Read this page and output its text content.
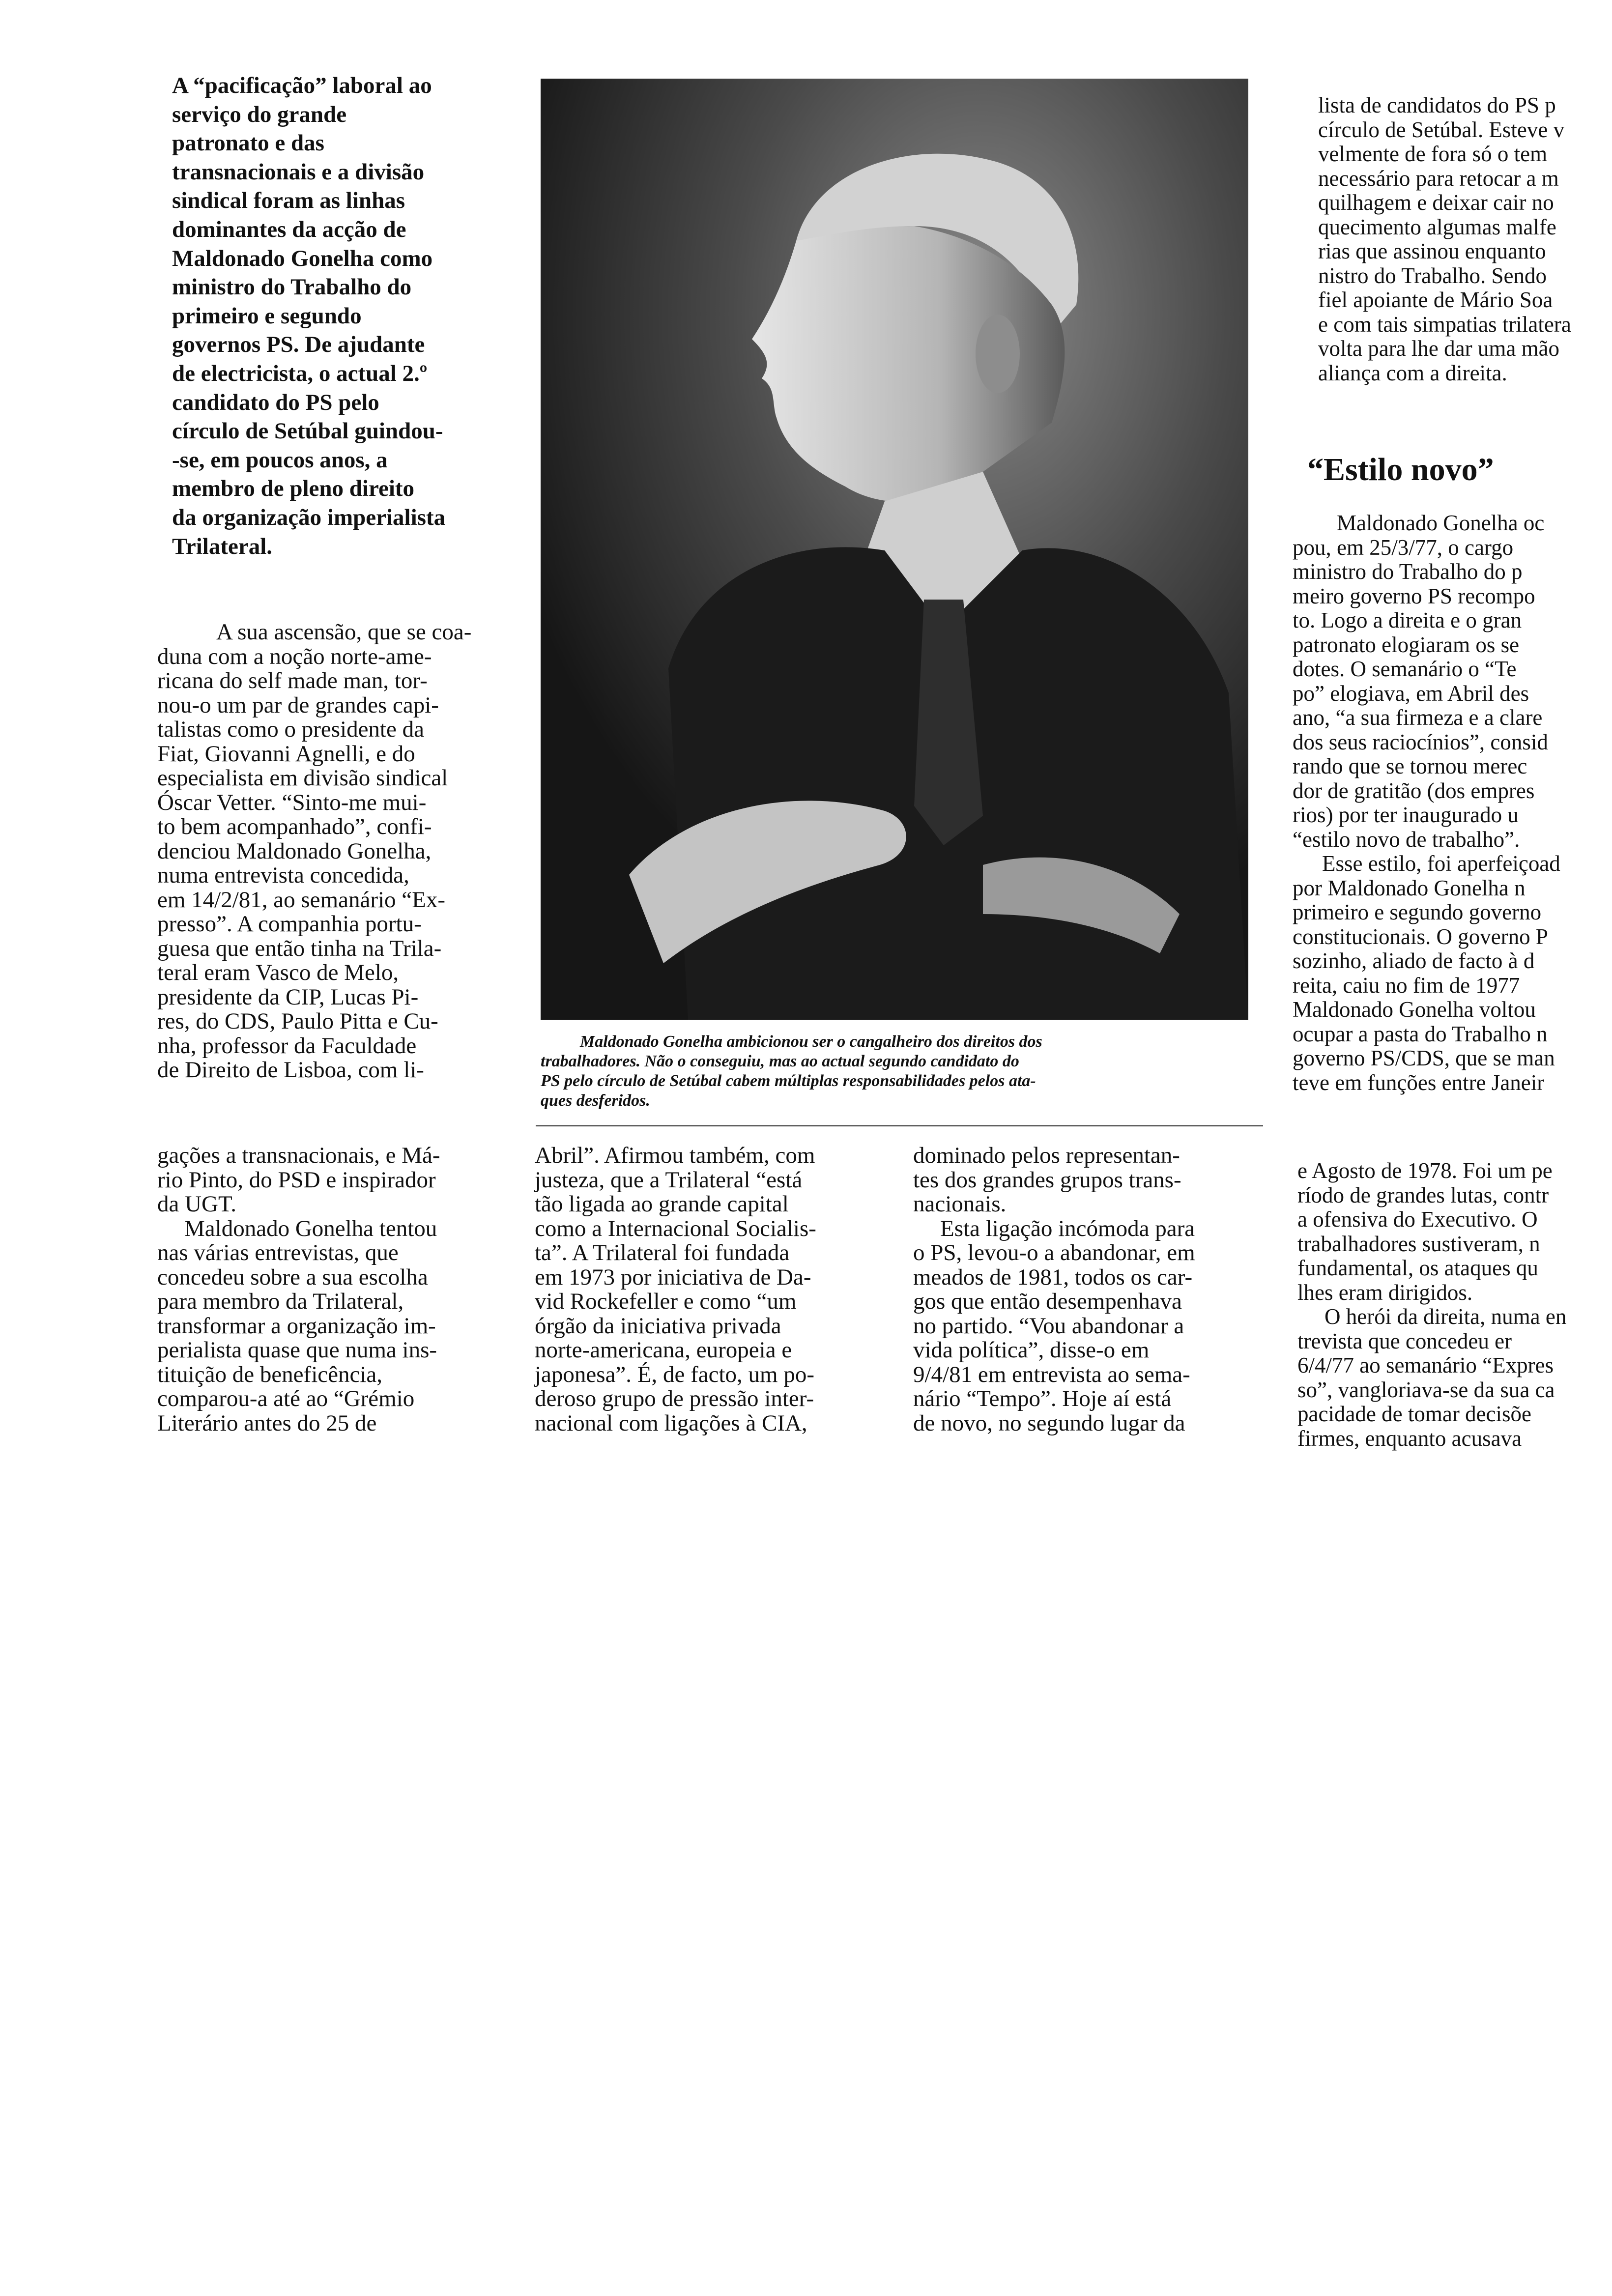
A “pacificação” laboral ao

serviço do grande

patronato e das

transnacionais e a divisão

sindical foram as linhas

dominantes da acção de

Maldonado Gonelha como

ministro do Trabalho do

primeiro e segundo

governos PS. De ajudante

de electricista, o actual 2.º

candidato do PS pelo

círculo de Setúbal guindou-

-se, em poucos anos, a

membro de pleno direito

da organização imperialista

Trilateral.

A sua ascensão, que se coa-

duna com a noção norte-ame-

ricana do self made man, tor-

nou-o um par de grandes capi-

talistas como o presidente da

Fiat, Giovanni Agnelli, e do

especialista em divisão sindical

Óscar Vetter. “Sinto-me mui-

to bem acompanhado”, confi-

denciou Maldonado Gonelha,

numa entrevista concedida,

em 14/2/81, ao semanário “Ex-

presso”. A companhia portu-

guesa que então tinha na Trila-

teral eram Vasco de Melo,

presidente da CIP, Lucas Pi-

res, do CDS, Paulo Pitta e Cu-

nha, professor da Faculdade

de Direito de Lisboa, com li-

gações a transnacionais, e Má-

rio Pinto, do PSD e inspirador

da UGT.

Maldonado Gonelha tentou

nas várias entrevistas, que

concedeu sobre a sua escolha

para membro da Trilateral,

transformar a organização im-

perialista quase que numa ins-

tituição de beneficência,

comparou-a até ao “Grémio

Literário antes do 25 de

Maldonado Gonelha ambicionou ser o cangalheiro dos direitos dos

trabalhadores. Não o conseguiu, mas ao actual segundo candidato do

PS pelo círculo de Setúbal cabem múltiplas responsabilidades pelos ata-

ques desferidos.

Abril”. Afirmou também, com

justeza, que a Trilateral “está

tão ligada ao grande capital

como a Internacional Socialis-

ta”. A Trilateral foi fundada

em 1973 por iniciativa de Da-

vid Rockefeller e como “um

órgão da iniciativa privada

norte-americana, europeia e

japonesa”. É, de facto, um po-

deroso grupo de pressão inter-

nacional com ligações à CIA,

dominado pelos representan-

tes dos grandes grupos trans-

nacionais.

Esta ligação incómoda para

o PS, levou-o a abandonar, em

meados de 1981, todos os car-

gos que então desempenhava

no partido. “Vou abandonar a

vida política”, disse-o em

9/4/81 em entrevista ao sema-

nário “Tempo”. Hoje aí está

de novo, no segundo lugar da

lista de candidatos do PS p

círculo de Setúbal. Esteve v

velmente de fora só o tem

necessário para retocar a m

quilhagem e deixar cair no

quecimento algumas malfe

rias que assinou enquanto

nistro do Trabalho. Sendo

fiel apoiante de Mário Soa

e com tais simpatias trilatera

volta para lhe dar uma mão

aliança com a direita.

“Estilo novo”

Maldonado Gonelha oc

pou, em 25/3/77, o cargo

ministro do Trabalho do p

meiro governo PS recompo

to. Logo a direita e o gran

patronato elogiaram os se

dotes. O semanário o “Te

po” elogiava, em Abril des

ano, “a sua firmeza e a clare

dos seus raciocínios”, consid

rando que se tornou merec

dor de gratitão (dos empres

rios) por ter inaugurado u

“estilo novo de trabalho”.

Esse estilo, foi aperfeiçoad

por Maldonado Gonelha n

primeiro e segundo governo

constitucionais. O governo P

sozinho, aliado de facto à d

reita, caiu no fim de 1977

Maldonado Gonelha voltou

ocupar a pasta do Trabalho n

governo PS/CDS, que se man

teve em funções entre Janeir

e Agosto de 1978. Foi um pe

ríodo de grandes lutas, contr

a ofensiva do Executivo. O

trabalhadores sustiveram, n

fundamental, os ataques qu

lhes eram dirigidos.

O herói da direita, numa en

trevista que concedeu er

6/4/77 ao semanário “Expres

so”, vangloriava-se da sua ca

pacidade de tomar decisõe

firmes, enquanto acusava
